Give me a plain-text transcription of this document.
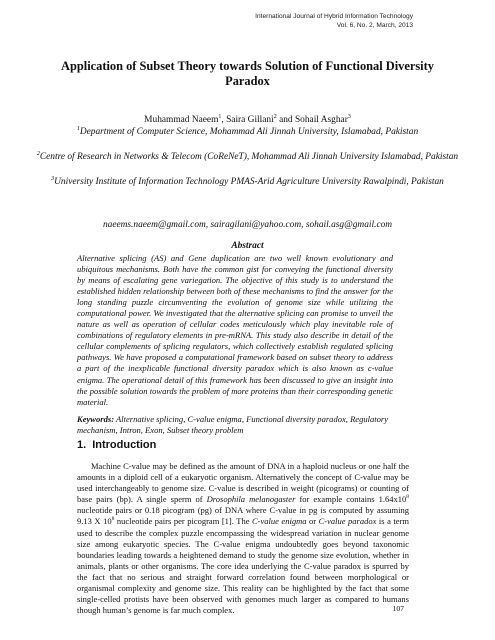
International Journal of Hybrid Information Technology
Vol. 6, No. 2, March, 2013
Application of Subset Theory towards Solution of Functional Diversity Paradox
Muhammad Naeem$^1$, Saira Gillani$^2$ and Sohail Asghar$^3$
$^1$Department of Computer Science, Mohammad Ali Jinnah University, Islamabad, Pakistan
$^2$Centre of Research in Networks & Telecom (CoReNeT), Mohammad Ali Jinnah University Islamabad, Pakistan
$^3$University Institute of Information Technology PMAS-Arid Agriculture University Rawalpindi, Pakistan
naeems.naeem@gmail.com, sairagilani@yahoo.com, sohail.asg@gmail.com
Abstract

Alternative splicing (AS) and Gene duplication are two well known evolutionary and ubiquitous mechanisms. Both have the common gist for conveying the functional diversity by means of escalating gene variegation. The objective of this study is to understand the established hidden relationship between both of these mechanisms to find the answer for the long standing puzzle circumventing the evolution of genome size while utilizing the computational power. We investigated that the alternative splicing can promise to unveil the nature as well as operation of cellular codes meticulously which play inevitable role of combinations of regulatory elements in pre-mRNA. This study also describe in detail of the cellular complements of splicing regulators, which collectively establish regulated splicing pathways. We have proposed a computational framework based on subset theory to address a part of the inexplicable functional diversity paradox which is also known as c-value enigma. The operational detail of this framework has been discussed to give an insight into the possible solution towards the problem of more proteins than their corresponding genetic material.

Keywords: Alternative splicing, C-value enigma, Functional diversity paradox, Regulatory mechanism, Intron, Exon, Subset theory problem

1. Introduction

Machine C-value may be defined as the amount of DNA in a haploid nucleus or one half the amounts in a diploid cell of a eukaryotic organism. Alternatively the concept of C-value may be used interchangeably to genome size. C-value is described in weight (picograms) or counting of base pairs (bp). A single sperm of Drosophila melanogaster for example contains $1.64x10^8$ nucleotide pairs or 0.18 picogram (pg) of DNA where C-value in pg is computed by assuming 9.13 X $10^8$ nucleotide pairs per picogram [1]. The C-value enigma or C-value paradox is a term used to describe the complex puzzle encompassing the widespread variation in nuclear genome size among eukaryotic species. The C-value enigma undoubtedly goes beyond taxonomic boundaries leading towards a heightened demand to study the genome size evolution, whether in animals, plants or other organisms. The core idea underlying the C-value paradox is spurred by the fact that no serious and straight forward correlation found between morphological or organismal complexity and genome size. This reality can be highlighted by the fact that some single-celled protists have been observed with genomes much larger as compared to humans though human’s genome is far much complex.	107
